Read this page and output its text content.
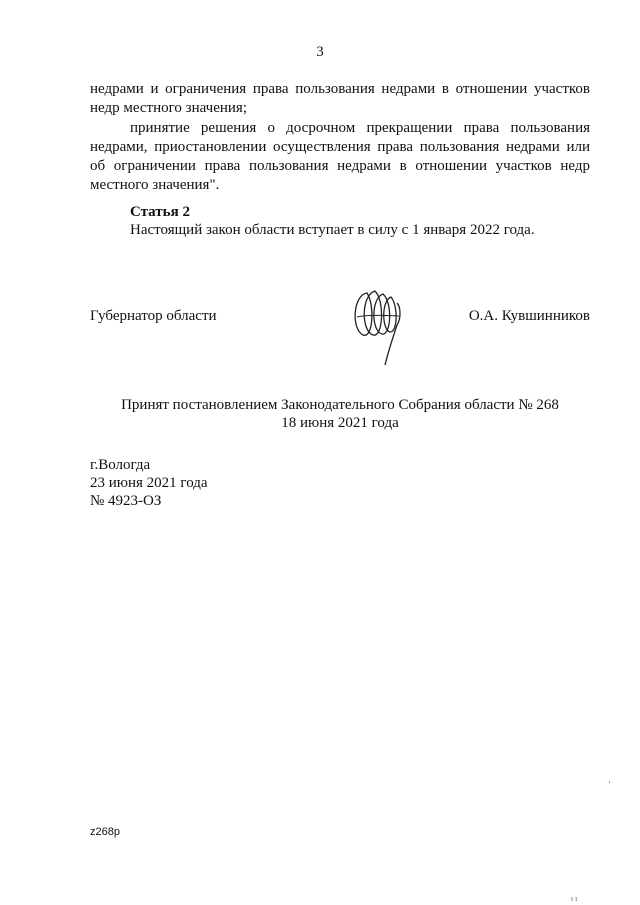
3

недрами и ограничения права пользования недрами в отношении участков недр местного значения;

принятие решения о досрочном прекращении права пользования недрами, приостановлении осуществления права пользования недрами или об ограничении права пользования недрами в отношении участков недр местного значения".

Статья 2
Настоящий закон области вступает в силу с 1 января 2022 года.
Губернатор области	О.А. Кувшинников
Принят постановлением Законодательного Собрания области № 268
18 июня 2021 года
г.Вологда
23 июня 2021 года
№ 4923-ОЗ
z268p
ι ι
